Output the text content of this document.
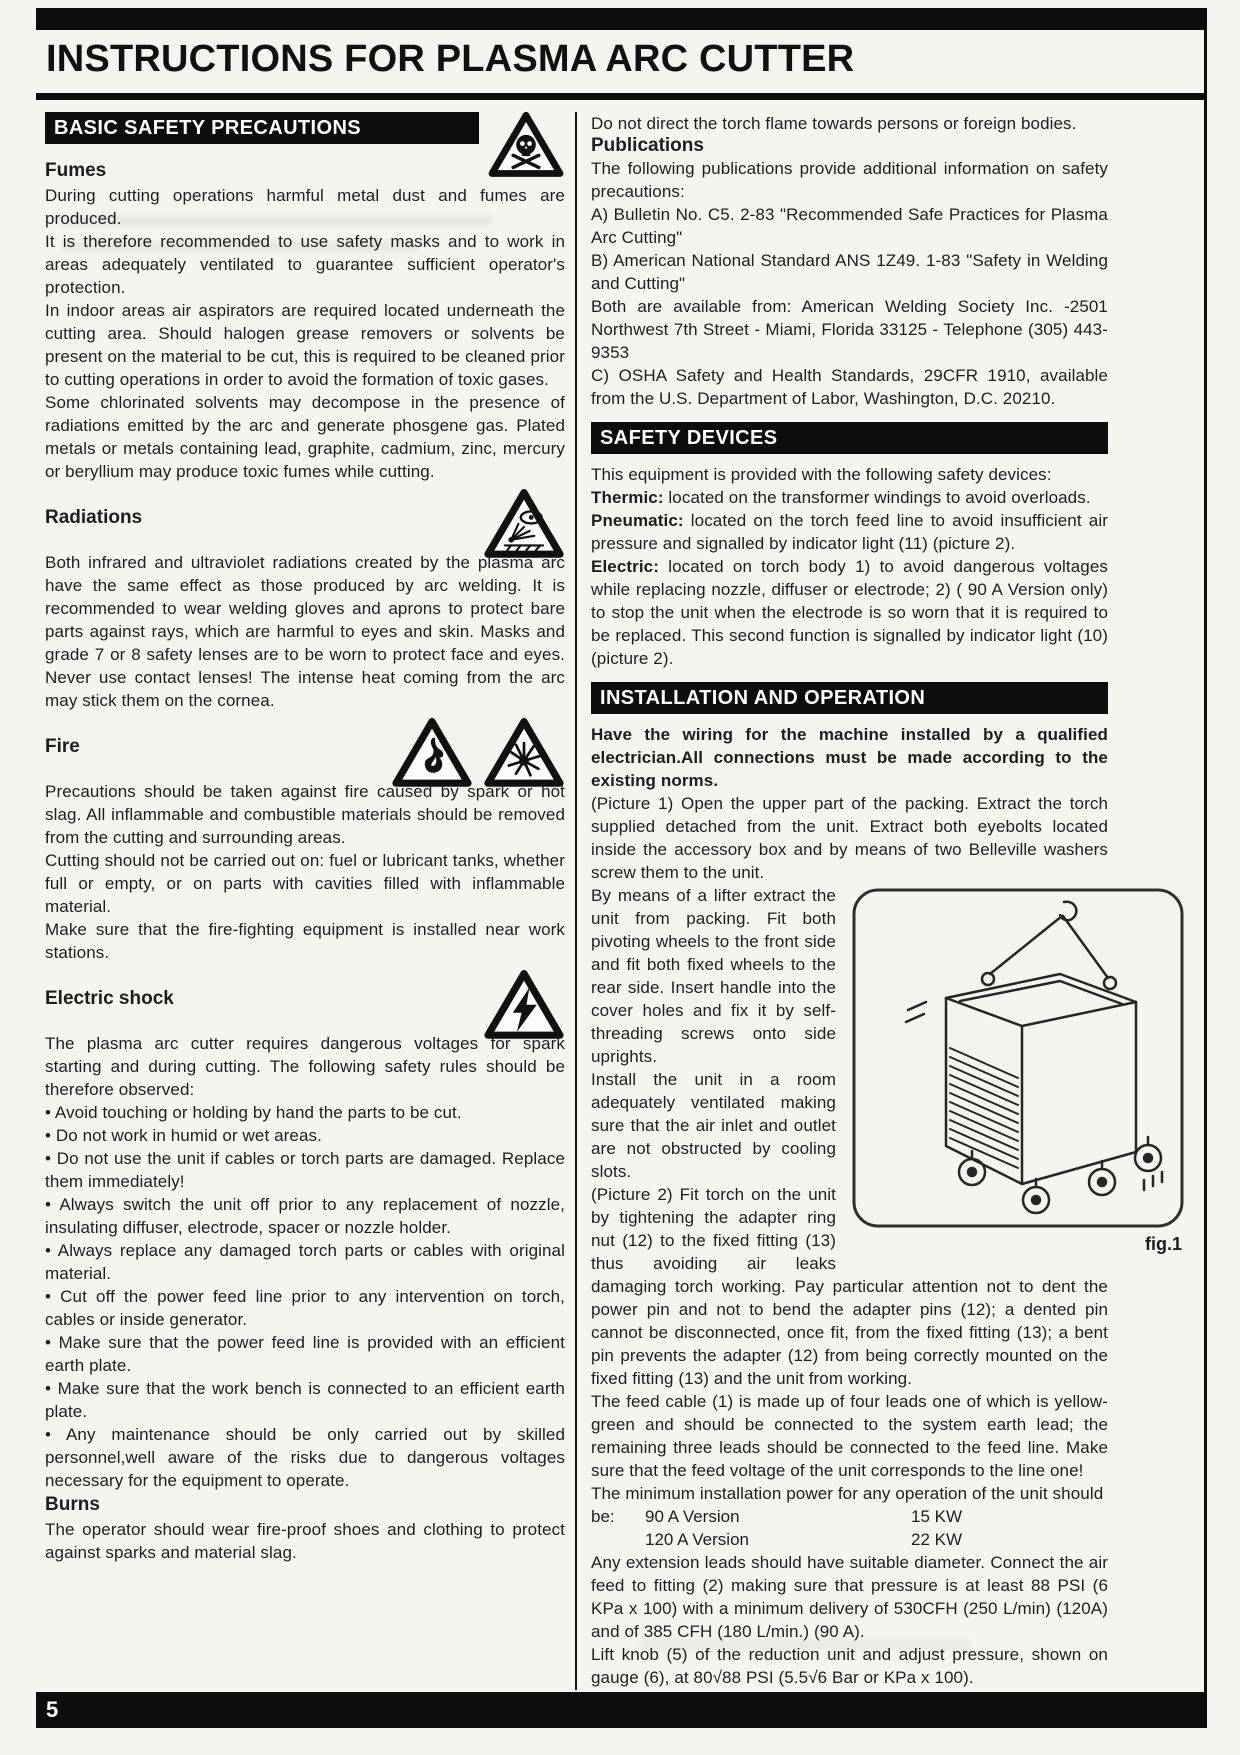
INSTRUCTIONS FOR PLASMA ARC CUTTER
BASIC SAFETY PRECAUTIONS
Fumes

During cutting operations harmful metal dust and fumes are produced.

It is therefore recommended to use safety masks and to work in areas adequately ventilated to guarantee sufficient operator's protection.

In indoor areas air aspirators are required located underneath the cutting area. Should halogen grease removers or solvents be present on the material to be cut, this is required to be cleaned prior to cutting operations in order to avoid the formation of toxic gases.

Some chlorinated solvents may decompose in the presence of radiations emitted by the arc and generate phosgene gas. Plated metals or metals containing lead, graphite, cadmium, zinc, mercury or beryllium may produce toxic fumes while cutting.

Radiations

Both infrared and ultraviolet radiations created by the plasma arc have the same effect as those produced by arc welding. It is recommended to wear welding gloves and aprons to protect bare parts against rays, which are harmful to eyes and skin. Masks and grade 7 or 8 safety lenses are to be worn to protect face and eyes. Never use contact lenses! The intense heat coming from the arc may stick them on the cornea.

Fire

Precautions should be taken against fire caused by spark or hot slag. All inflammable and combustible materials should be removed from the cutting and surrounding areas.

Cutting should not be carried out on: fuel or lubricant tanks, whether full or empty, or on parts with cavities filled with inflammable material.

Make sure that the fire-fighting equipment is installed near work stations.

Electric shock

The plasma arc cutter requires dangerous voltages for spark starting and during cutting. The following safety rules should be therefore observed:

• Avoid touching or holding by hand the parts to be cut.

• Do not work in humid or wet areas.

• Do not use the unit if cables or torch parts are damaged. Replace them immediately!

• Always switch the unit off prior to any replacement of nozzle, insulating diffuser, electrode, spacer or nozzle holder.

• Always replace any damaged torch parts or cables with original material.

• Cut off the power feed line prior to any intervention on torch, cables or inside generator.

• Make sure that the power feed line is provided with an efficient earth plate.

• Make sure that the work bench is connected to an efficient earth plate.

• Any maintenance should be only carried out by skilled personnel,well aware of the risks due to dangerous voltages necessary for the equipment to operate.

Burns

The operator should wear fire-proof shoes and clothing to protect against sparks and material slag.

Do not direct the torch flame towards persons or foreign bodies.

Publications

The following publications provide additional information on safety precautions:

A) Bulletin No. C5. 2-83 "Recommended Safe Practices for Plasma Arc Cutting"

B) American National Standard ANS 1Z49. 1-83 "Safety in Welding and Cutting"

Both are available from: American Welding Society Inc. -2501 Northwest 7th Street - Miami, Florida 33125 - Telephone (305) 443-9353

C) OSHA Safety and Health Standards, 29CFR 1910, available from the U.S. Department of Labor, Washington, D.C. 20210.

SAFETY DEVICES

This equipment is provided with the following safety devices:

Thermic: located on the transformer windings to avoid overloads.

Pneumatic: located on the torch feed line to avoid insufficient air pressure and signalled by indicator light (11) (picture 2).

Electric: located on torch body 1) to avoid dangerous voltages while replacing nozzle, diffuser or electrode; 2) ( 90 A Version only) to stop the unit when the electrode is so worn that it is required to be replaced. This second function is signalled by indicator light (10) (picture 2).

INSTALLATION AND OPERATION

Have the wiring for the machine installed by a qualified electrician.All connections must be made according to the existing norms.

(Picture 1) Open the upper part of the packing. Extract the torch supplied detached from the unit. Extract both eyebolts located inside the accessory box and by means of two Belleville washers screw them to the unit.

fig.1

By means of a lifter extract the unit from packing. Fit both pivoting wheels to the front side and fit both fixed wheels to the rear side. Insert handle into the cover holes and fix it by self-threading screws onto side uprights.

Install the unit in a room adequately ventilated making sure that the air inlet and outlet are not obstructed by cooling slots.

(Picture 2) Fit torch on the unit by tightening the adapter ring nut (12) to the fixed fitting (13) thus avoiding air leaks damaging torch working. Pay particular attention not to dent the power pin and not to bend the adapter pins (12); a dented pin cannot be disconnected, once fit, from the fixed fitting (13); a bent pin prevents the adapter (12) from being correctly mounted on the fixed fitting (13) and the unit from working.

The feed cable (1) is made up of four leads one of which is yellow-green and should be connected to the system earth lead; the remaining three leads should be connected to the feed line. Make sure that the feed voltage of the unit corresponds to the line one!

The minimum installation power for any operation of the unit should

be:	90 A Version	15 KW
120 A Version	22 KW

Any extension leads should have suitable diameter. Connect the air feed to fitting (2) making sure that pressure is at least 88 PSI (6 KPa x 100) with a minimum delivery of 530CFH (250 L/min) (120A) and of 385 CFH (180 L/min.) (90 A).

Lift knob (5) of the reduction unit and adjust pressure, shown on gauge (6), at 80√88 PSI (5.5√6 Bar or KPa x 100).

5
